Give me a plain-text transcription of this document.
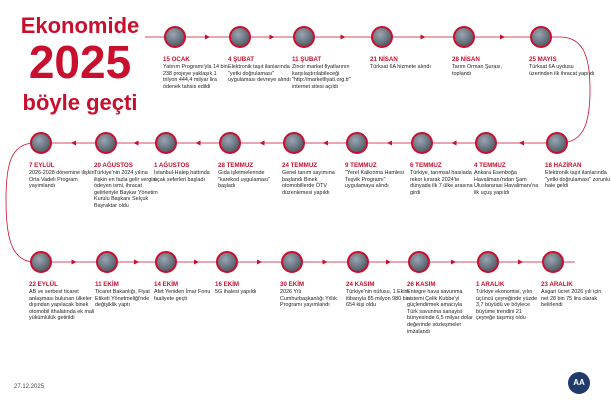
Ekonomide
2025
böyle geçti
15 OCAK
Yatırım Programı'yla 14 bin 238 projeye yaklaşık 1 trilyon 444,4 milyar lira ödenek tahsis edildi
4 ŞUBAT
Elektronik taşıt ilanlarında "yetki doğrulaması" uygulaması devreye alındı
11 ŞUBAT
Zincir market fiyatlarının karşılaştırılabileceği "http://marketfiyati.org.tr" internet sitesi açıldı
21 NİSAN
Türksat 6A hizmete alındı
28 NİSAN
Tarım Orman Şurası, toplandı
25 MAYIS
Türksat 6A uydusu üzerinden ilk ihracat yapıldı
18 HAZİRAN
Elektronik taşıt ilanlarında "yetki doğrulaması" zorunlu hale geldi
4 TEMMUZ
Ankara Esenboğa Havalimanı'ndan Şam Uluslararası Havalimanı'na ilk uçuş yapıldı
6 TEMMUZ
Türkiye, tarımsal hasılada rekor kırarak 2024'te dünyada ilk 7 ülke arasına girdi
9 TEMMUZ
"Yerel Kalkınma Hamlesi Teşvik Programı" uygulamaya alındı
24 TEMMUZ
Genel tanım sayımına başlandı Binek otomobillerde ÖTV düzenlemesi yapıldı
28 TEMMUZ
Gıda işletmelerinde "karekod uygulaması" başladı
1 AĞUSTOS
İstanbul-Halep hattında uçak seferleri başladı
20 AĞUSTOS
Türkiye'nin 2024 yılına ilişkin en fazla gelir vergisi ödeyen ismi, ihracat gelirleriyle Baykar Yönetim Kurulu Başkanı Selçuk Bayraktar oldu
7 EYLÜL
2026-2028 dönemine ilişkin Orta Vadeli Program yayımlandı
22 EYLÜL
AB ve serbest ticaret anlaşması bulunan ülkeler dışından yapılacak binek otomobil ithalatında ek mali yükümlülük getirildi
11 EKİM
Ticaret Bakanlığı, Fiyat Etiketi Yönetmeliği'nde değişiklik yaptı
14 EKİM
Afet Yeniden İmar Fonu faaliyete geçti
16 EKİM
5G ihalesi yapıldı
30 EKİM
2026 Yılı Cumhurbaşkanlığı Yıllık Programı yayımlandı
24 KASIM
Türkiye'nin nüfusu, 1 Ekim itibarıyla 85 milyon 980 bin 654 kişi oldu
26 KASIM
Entegre hava savunma sistemi Çelik Kubbe'yi güçlendirmek amacıyla Türk savunma sanayisi bünyesinde 6,5 milyar dolar değerinde sözleşmeler imzalandı
1 ARALIK
Türkiye ekonomisi, yılın üçüncü çeyreğinde yüzde 3,7 büyüdü ve böylece büyüme trendini 21 çeyreğe taşımış oldu
23 ARALIK
Asgari ücret 2026 yılı için net 28 bin 75 lira olarak belirlendi
27.12.2025	AA
